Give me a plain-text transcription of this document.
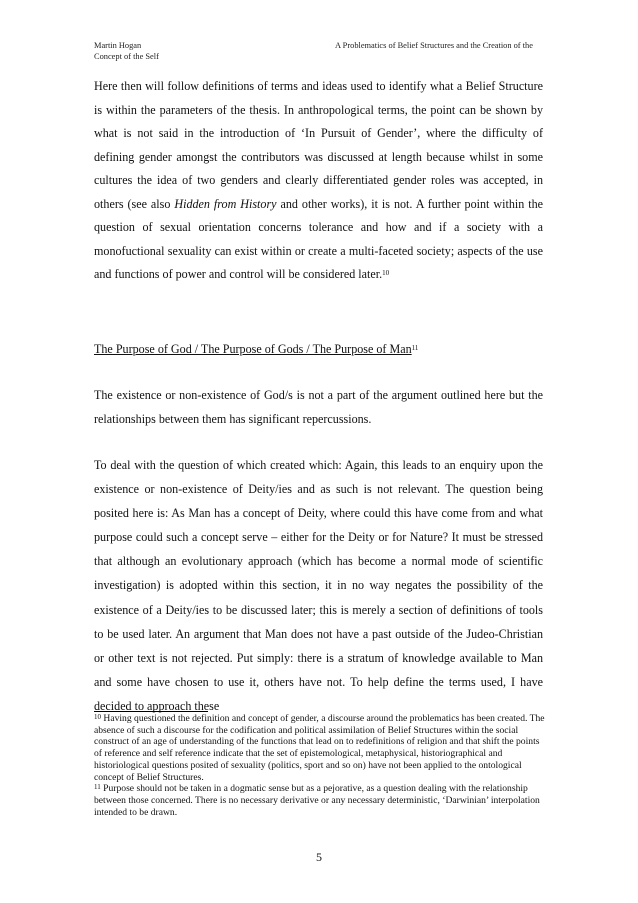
Martin Hogan
Concept of the Self
A Problematics of Belief Structures and the Creation of the
Here then will follow definitions of terms and ideas used to identify what a Belief Structure is within the parameters of the thesis. In anthropological terms, the point can be shown by what is not said in the introduction of ‘In Pursuit of Gender’, where the difficulty of defining gender amongst the contributors was discussed at length because whilst in some cultures the idea of two genders and clearly differentiated gender roles was accepted, in others (see also Hidden from History and other works), it is not. A further point within the question of sexual orientation concerns tolerance and how and if a society with a monofuctional sexuality can exist within or create a multi-faceted society; aspects of the use and functions of power and control will be considered later.$^{10}$
The Purpose of God / The Purpose of Gods / The Purpose of Man$^{11}$
The existence or non-existence of God/s is not a part of the argument outlined here but the relationships between them has significant repercussions.
To deal with the question of which created which: Again, this leads to an enquiry upon the existence or non-existence of Deity/ies and as such is not relevant. The question being posited here is: As Man has a concept of Deity, where could this have come from and what purpose could such a concept serve – either for the Deity or for Nature? It must be stressed that although an evolutionary approach (which has become a normal mode of scientific investigation) is adopted within this section, it in no way negates the possibility of the existence of a Deity/ies to be discussed later; this is merely a section of definitions of tools to be used later. An argument that Man does not have a past outside of the Judeo-Christian or other text is not rejected. Put simply: there is a stratum of knowledge available to Man and some have chosen to use it, others have not. To help define the terms used, I have decided to approach these

$^{10}$ Having questioned the definition and concept of gender, a discourse around the problematics has been created. The absence of such a discourse for the codification and political assimilation of Belief Structures within the social construct of an age of understanding of the functions that lead on to redefinitions of religion and that shift the points of reference and self reference indicate that the set of epistemological, metaphysical, historiographical and historiological questions posited of sexuality (politics, sport and so on) have not been applied to the ontological concept of Belief Structures.

$^{11}$ Purpose should not be taken in a dogmatic sense but as a pejorative, as a question dealing with the relationship between those concerned. There is no necessary derivative or any necessary deterministic, ‘Darwinian’ interpolation intended to be drawn.

5
